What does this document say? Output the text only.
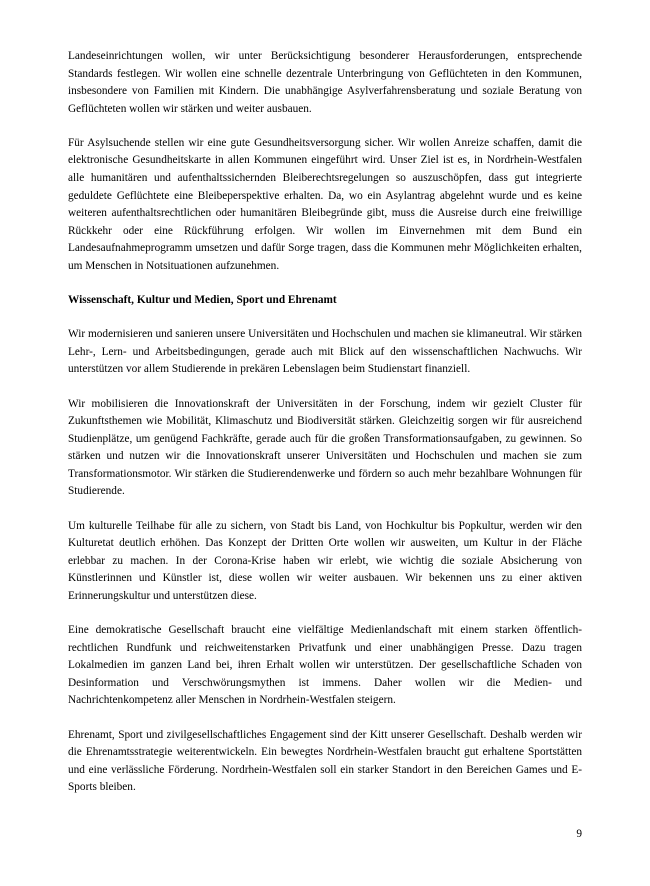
Landeseinrichtungen wollen, wir unter Berücksichtigung besonderer Herausforderungen, entsprechende Standards festlegen. Wir wollen eine schnelle dezentrale Unterbringung von Geflüchteten in den Kommunen, insbesondere von Familien mit Kindern. Die unabhängige Asylverfahrensberatung und soziale Beratung von Geflüchteten wollen wir stärken und weiter ausbauen.

Für Asylsuchende stellen wir eine gute Gesundheitsversorgung sicher. Wir wollen Anreize schaffen, damit die elektronische Gesundheitskarte in allen Kommunen eingeführt wird. Unser Ziel ist es, in Nordrhein-Westfalen alle humanitären und aufenthaltssichernden Bleiberechtsregelungen so auszuschöpfen, dass gut integrierte geduldete Geflüchtete eine Bleibeperspektive erhalten. Da, wo ein Asylantrag abgelehnt wurde und es keine weiteren aufenthaltsrechtlichen oder humanitären Bleibegründe gibt, muss die Ausreise durch eine freiwillige Rückkehr oder eine Rückführung erfolgen. Wir wollen im Einvernehmen mit dem Bund ein Landesaufnahmeprogramm umsetzen und dafür Sorge tragen, dass die Kommunen mehr Möglichkeiten erhalten, um Menschen in Notsituationen aufzunehmen.

Wissenschaft, Kultur und Medien, Sport und Ehrenamt

Wir modernisieren und sanieren unsere Universitäten und Hochschulen und machen sie klimaneutral. Wir stärken Lehr-, Lern- und Arbeitsbedingungen, gerade auch mit Blick auf den wissenschaftlichen Nachwuchs. Wir unterstützen vor allem Studierende in prekären Lebenslagen beim Studienstart finanziell.

Wir mobilisieren die Innovationskraft der Universitäten in der Forschung, indem wir gezielt Cluster für Zukunftsthemen wie Mobilität, Klimaschutz und Biodiversität stärken. Gleichzeitig sorgen wir für ausreichend Studienplätze, um genügend Fachkräfte, gerade auch für die großen Transformationsaufgaben, zu gewinnen. So stärken und nutzen wir die Innovationskraft unserer Universitäten und Hochschulen und machen sie zum Transformationsmotor. Wir stärken die Studierendenwerke und fördern so auch mehr bezahlbare Wohnungen für Studierende.

Um kulturelle Teilhabe für alle zu sichern, von Stadt bis Land, von Hochkultur bis Popkultur, werden wir den Kulturetat deutlich erhöhen. Das Konzept der Dritten Orte wollen wir ausweiten, um Kultur in der Fläche erlebbar zu machen. In der Corona-Krise haben wir erlebt, wie wichtig die soziale Absicherung von Künstlerinnen und Künstler ist, diese wollen wir weiter ausbauen. Wir bekennen uns zu einer aktiven Erinnerungskultur und unterstützen diese.

Eine demokratische Gesellschaft braucht eine vielfältige Medienlandschaft mit einem starken öffentlich-rechtlichen Rundfunk und reichweitenstarken Privatfunk und einer unabhängigen Presse. Dazu tragen Lokalmedien im ganzen Land bei, ihren Erhalt wollen wir unterstützen. Der gesellschaftliche Schaden von Desinformation und Verschwörungsmythen ist immens. Daher wollen wir die Medien- und Nachrichtenkompetenz aller Menschen in Nordrhein-Westfalen steigern.

Ehrenamt, Sport und zivilgesellschaftliches Engagement sind der Kitt unserer Gesellschaft. Deshalb werden wir die Ehrenamtsstrategie weiterentwickeln. Ein bewegtes Nordrhein-Westfalen braucht gut erhaltene Sportstätten und eine verlässliche Förderung. Nordrhein-Westfalen soll ein starker Standort in den Bereichen Games und E-Sports bleiben.

9
